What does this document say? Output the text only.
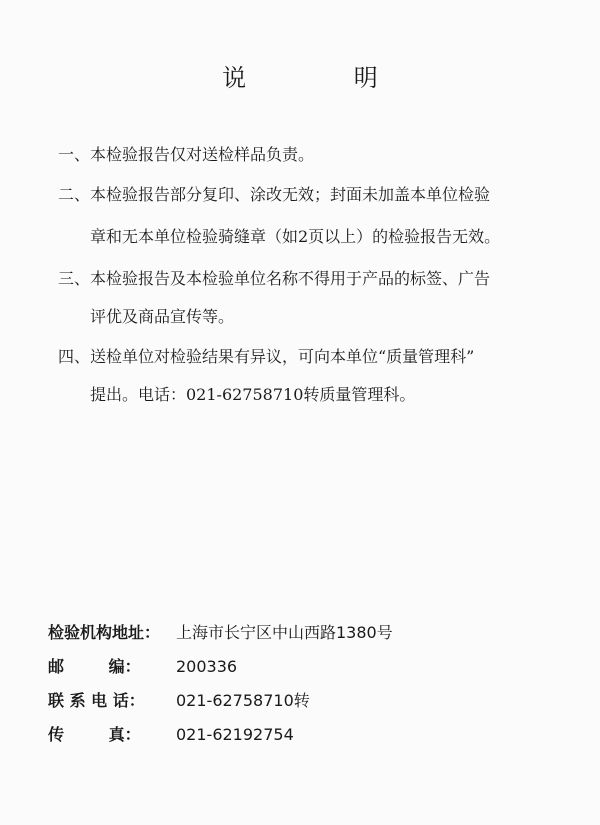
说 明
一、本检验报告仅对送检样品负责。
二、本检验报告部分复印、涂改无效；封面未加盖本单位检验
章和无本单位检验骑缝章（如2页以上）的检验报告无效。
三、本检验报告及本检验单位名称不得用于产品的标签、广告
评优及商品宣传等。
四、送检单位对检验结果有异议，可向本单位“质量管理科”
提出。电话：021-62758710转质量管理科。
检验机构地址： 上海市长宁区中山西路1380号
邮        编： 200336
联 系 电 话： 021-62758710转
传        真： 021-62192754
